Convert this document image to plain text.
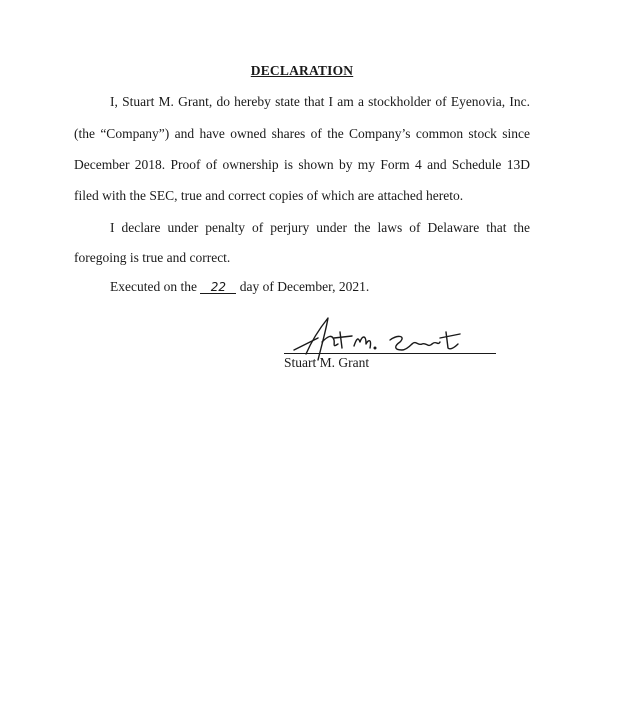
DECLARATION
I, Stuart M. Grant, do hereby state that I am a stockholder of Eyenovia, Inc.
(the “Company”) and have owned shares of the Company’s common stock since
December 2018. Proof of ownership is shown by my Form 4 and Schedule 13D
filed with the SEC, true and correct copies of which are attached hereto.
I declare under penalty of perjury under the laws of Delaware that the
foregoing is true and correct.
Executed on the 22 day of December, 2021.
Stuart M. Grant
